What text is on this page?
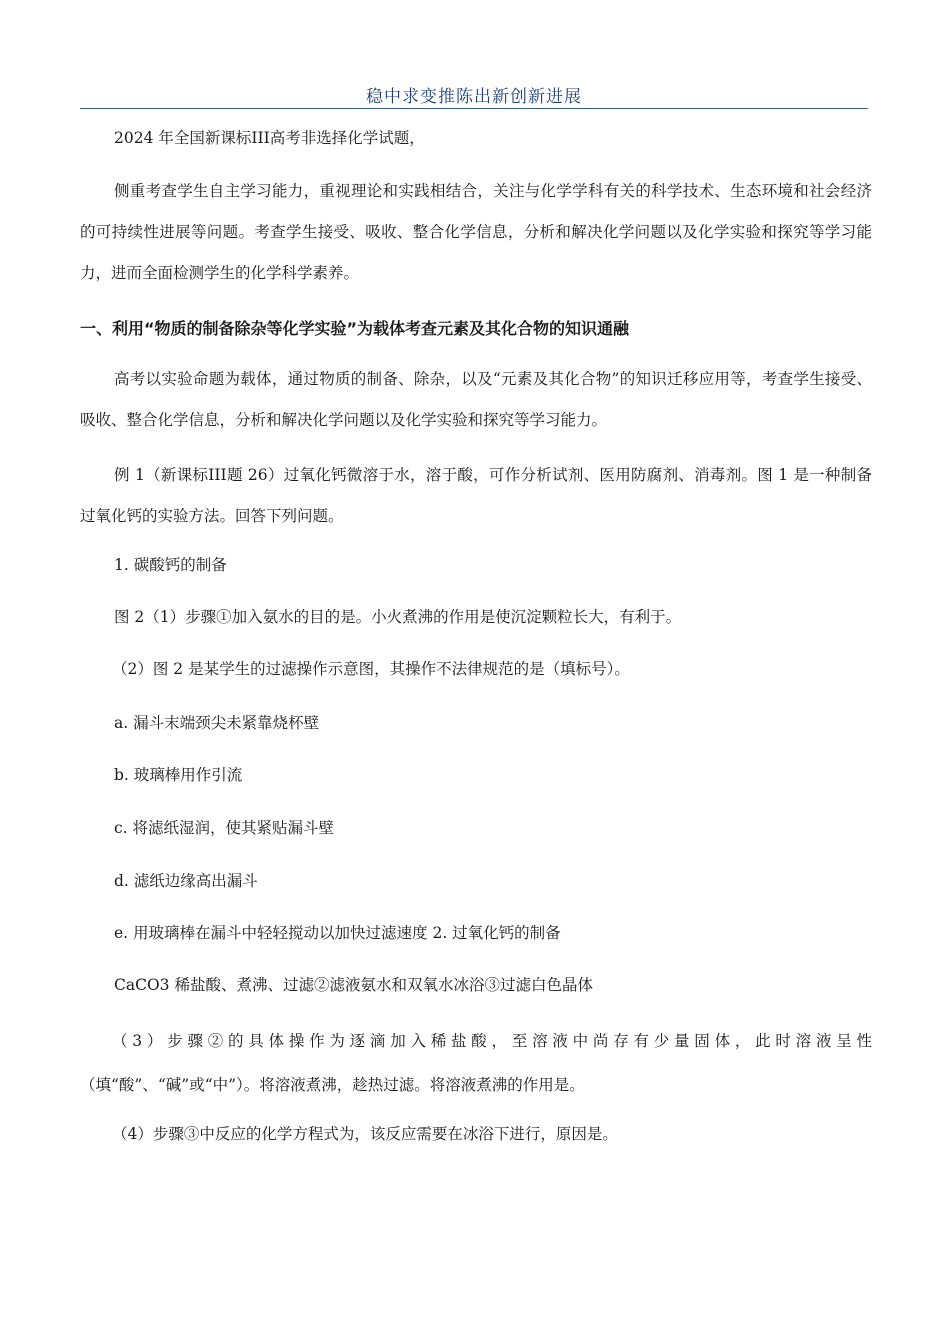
稳中求变推陈出新创新进展

2024 年全国新课标III高考非选择化学试题，

侧重考查学生自主学习能力，重视理论和实践相结合，关注与化学学科有关的科学技术、生态环境和社会经济的可持续性进展等问题。考查学生接受、吸收、整合化学信息，分析和解决化学问题以及化学实验和探究等学习能力，进而全面检测学生的化学科学素养。

一、利用“物质的制备除杂等化学实验”为载体考查元素及其化合物的知识通融

高考以实验命题为载体，通过物质的制备、除杂，以及“元素及其化合物”的知识迁移应用等，考查学生接受、吸收、整合化学信息，分析和解决化学问题以及化学实验和探究等学习能力。

例 1（新课标III题 26）过氧化钙微溶于水，溶于酸，可作分析试剂、医用防腐剂、消毒剂。图 1 是一种制备过氧化钙的实验方法。回答下列问题。

1. 碳酸钙的制备

图 2（1）步骤①加入氨水的目的是。小火煮沸的作用是使沉淀颗粒长大，有利于。

（2）图 2 是某学生的过滤操作示意图，其操作不法律规范的是（填标号）。

a. 漏斗末端颈尖未紧靠烧杯壁

b. 玻璃棒用作引流

c. 将滤纸湿润，使其紧贴漏斗壁

d. 滤纸边缘高出漏斗

e. 用玻璃棒在漏斗中轻轻搅动以加快过滤速度 2. 过氧化钙的制备

CaCO3 稀盐酸、煮沸、过滤②滤液氨水和双氧水冰浴③过滤白色晶体

（3）步骤②的具体操作为逐滴加入稀盐酸，至溶液中尚存有少量固体，此时溶液呈性（填“酸”、“碱”或“中”）。将溶液煮沸，趁热过滤。将溶液煮沸的作用是。

（4）步骤③中反应的化学方程式为，该反应需要在冰浴下进行，原因是。
